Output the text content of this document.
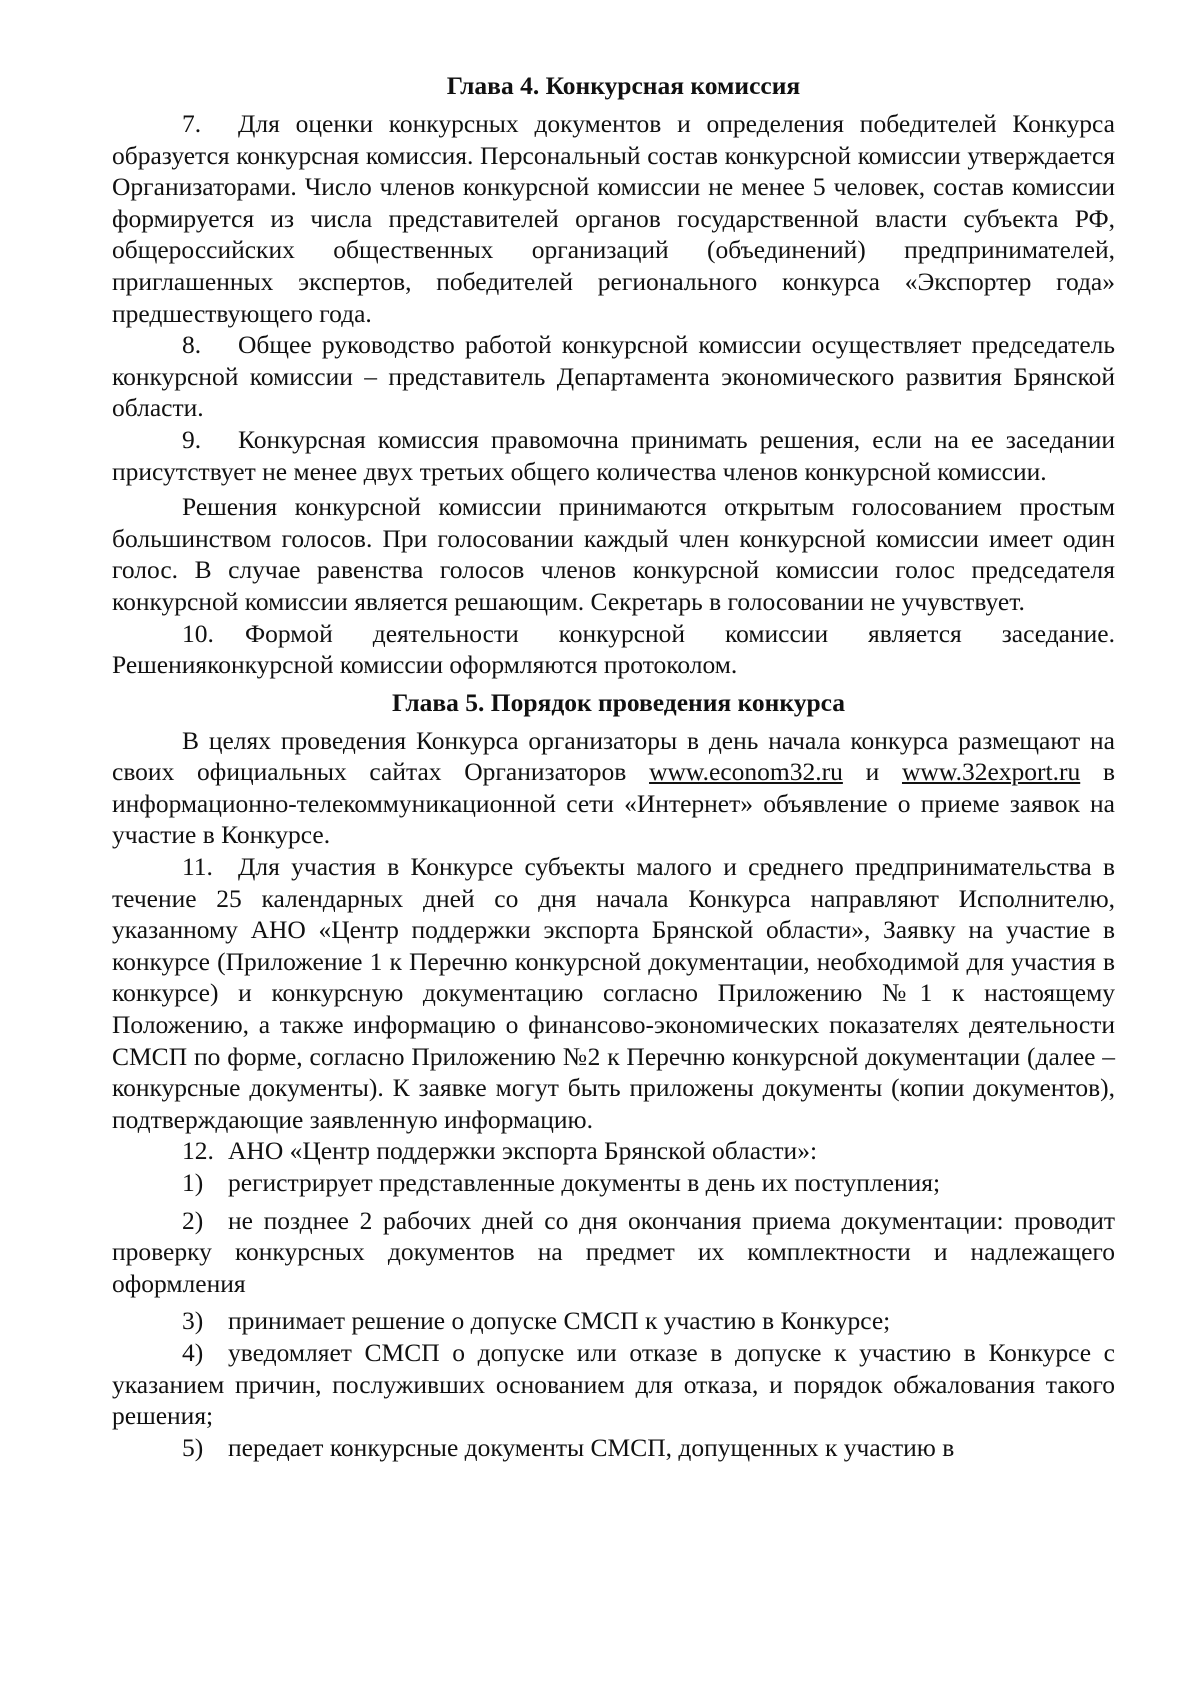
Глава 4. Конкурсная комиссия

7. Для оценки конкурсных документов и определения победителей Конкурса образуется конкурсная комиссия. Персональный состав конкурсной комиссии утверждается Организаторами. Число членов конкурсной комиссии не менее 5 человек, состав комиссии формируется из числа представителей органов государственной власти субъекта РФ, общероссийских общественных организаций (объединений) предпринимателей, приглашенных экспертов, победителей регионального конкурса «Экспортер года» предшествующего года.

8. Общее руководство работой конкурсной комиссии осуществляет председатель конкурсной комиссии – представитель Департамента экономического развития Брянской области.

9. Конкурсная комиссия правомочна принимать решения, если на ее заседании присутствует не менее двух третьих общего количества членов конкурсной комиссии.

Решения конкурсной комиссии принимаются открытым голосованием простым большинством голосов. При голосовании каждый член конкурсной комиссии имеет один голос. В случае равенства голосов членов конкурсной комиссии голос председателя конкурсной комиссии является решающим. Секретарь в голосовании не учувствует.

10. Формой деятельности конкурсной комиссии является заседание. Решенияконкурсной комиссии оформляются протоколом.

Глава 5. Порядок проведения конкурса

В целях проведения Конкурса организаторы в день начала конкурса размещают на своих официальных сайтах Организаторов www.econom32.ru и www.32export.ru в информационно-телекоммуникационной сети «Интернет» объявление о приеме заявок на участие в Конкурсе.

11. Для участия в Конкурсе субъекты малого и среднего предпринимательства в течение 25 календарных дней со дня начала Конкурса направляют Исполнителю, указанному АНО «Центр поддержки экспорта Брянской области», Заявку на участие в конкурсе (Приложение 1 к Перечню конкурсной документации, необходимой для участия в конкурсе) и конкурсную документацию согласно Приложению №1 к настоящему Положению, а также информацию о финансово-экономических показателях деятельности СМСП по форме, согласно Приложению №2 к Перечню конкурсной документации (далее – конкурсные документы). К заявке могут быть приложены документы (копии документов), подтверждающие заявленную информацию.

12. АНО «Центр поддержки экспорта Брянской области»:

1) регистрирует представленные документы в день их поступления;

2) не позднее 2 рабочих дней со дня окончания приема документации: проводит проверку конкурсных документов на предмет их комплектности и надлежащего оформления

3) принимает решение о допуске СМСП к участию в Конкурсе;

4) уведомляет СМСП о допуске или отказе в допуске к участию в Конкурсе с указанием причин, послуживших основанием для отказа, и порядок обжалования такого решения;

5) передает конкурсные документы СМСП, допущенных к участию в
